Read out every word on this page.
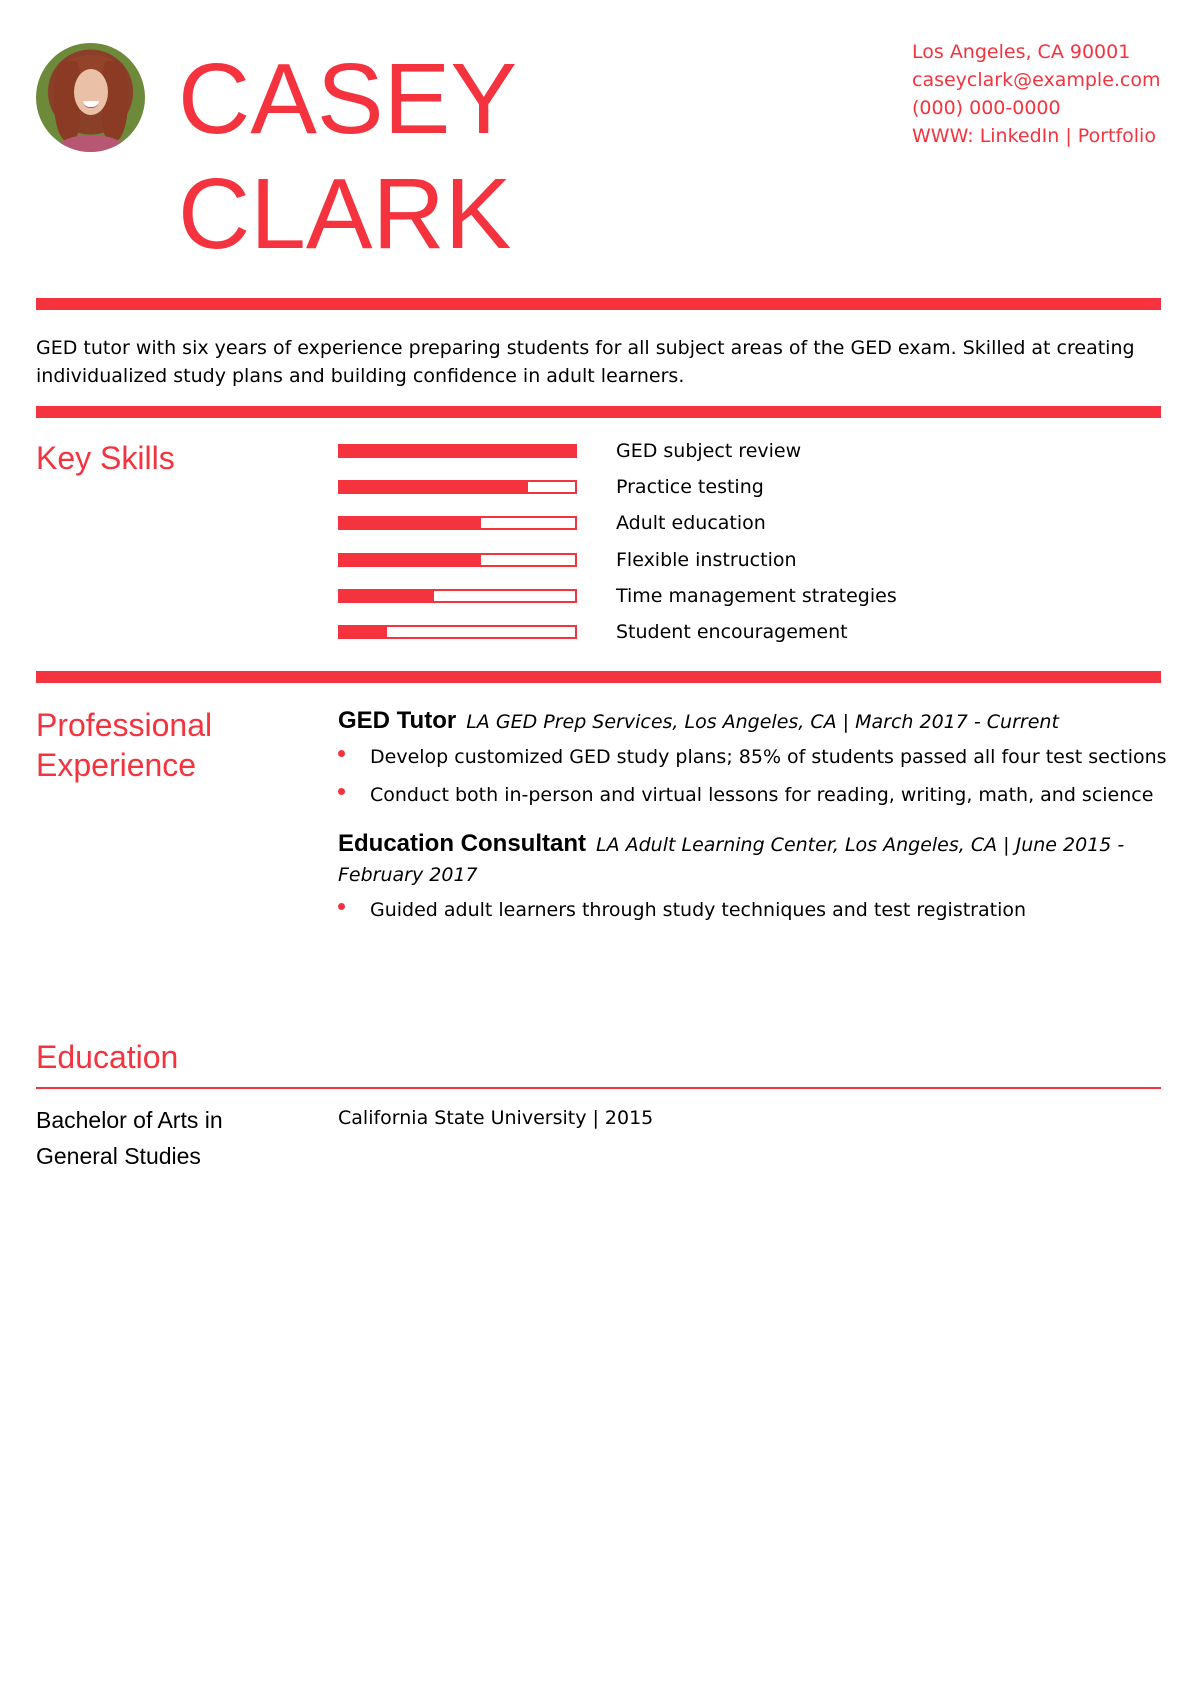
CASEY
CLARK
Los Angeles, CA 90001
caseyclark@example.com
(000) 000-0000
WWW: LinkedIn | Portfolio
GED tutor with six years of experience preparing students for all subject areas of the GED exam. Skilled at creating individualized study plans and building confidence in adult learners.
Key Skills	GED subject review
Practice testing
Adult education
Flexible instruction
Time management strategies
Student encouragement
Professional
Experience
GED Tutor LA GED Prep Services, Los Angeles, CA | March 2017 - Current
Develop customized GED study plans; 85% of students passed all four test sections
Conduct both in-person and virtual lessons for reading, writing, math, and science
Education Consultant LA Adult Learning Center, Los Angeles, CA | June 2015 - February 2017
Guided adult learners through study techniques and test registration
Education
Bachelor of Arts in General Studies
California State University | 2015
